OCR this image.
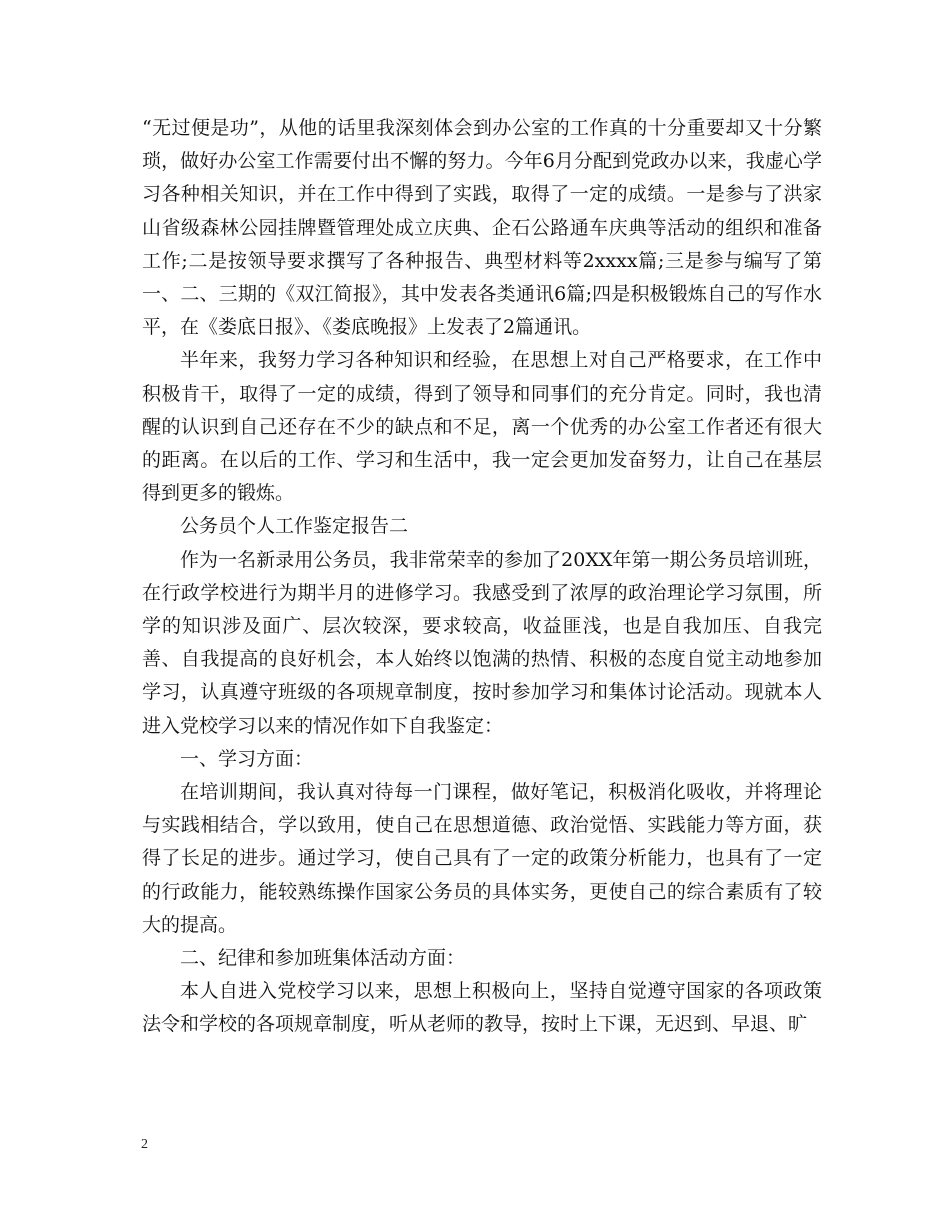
“无过便是功”，从他的话里我深刻体会到办公室的工作真的十分重要却又十分繁琐，做好办公室工作需要付出不懈的努力。今年6月分配到党政办以来，我虚心学习各种相关知识，并在工作中得到了实践，取得了一定的成绩。一是参与了洪家山省级森林公园挂牌暨管理处成立庆典、企石公路通车庆典等活动的组织和准备工作;二是按领导要求撰写了各种报告、典型材料等2xxxx篇;三是参与编写了第一、二、三期的《双江简报》，其中发表各类通讯6篇;四是积极锻炼自己的写作水平，在《娄底日报》、《娄底晚报》上发表了2篇通讯。

半年来，我努力学习各种知识和经验，在思想上对自己严格要求，在工作中积极肯干，取得了一定的成绩，得到了领导和同事们的充分肯定。同时，我也清醒的认识到自己还存在不少的缺点和不足，离一个优秀的办公室工作者还有很大的距离。在以后的工作、学习和生活中，我一定会更加发奋努力，让自己在基层得到更多的锻炼。

公务员个人工作鉴定报告二

作为一名新录用公务员，我非常荣幸的参加了20XX年第一期公务员培训班，在行政学校进行为期半月的进修学习。我感受到了浓厚的政治理论学习氛围，所学的知识涉及面广、层次较深，要求较高，收益匪浅，也是自我加压、自我完善、自我提高的良好机会，本人始终以饱满的热情、积极的态度自觉主动地参加学习，认真遵守班级的各项规章制度，按时参加学习和集体讨论活动。现就本人进入党校学习以来的情况作如下自我鉴定：

一、学习方面：

在培训期间，我认真对待每一门课程，做好笔记，积极消化吸收，并将理论与实践相结合，学以致用，使自己在思想道德、政治觉悟、实践能力等方面，获得了长足的进步。通过学习，使自己具有了一定的政策分析能力，也具有了一定的行政能力，能较熟练操作国家公务员的具体实务，更使自己的综合素质有了较大的提高。

二、纪律和参加班集体活动方面：

本人自进入党校学习以来，思想上积极向上，坚持自觉遵守国家的各项政策法令和学校的各项规章制度，听从老师的教导，按时上下课，无迟到、早退、旷

2
